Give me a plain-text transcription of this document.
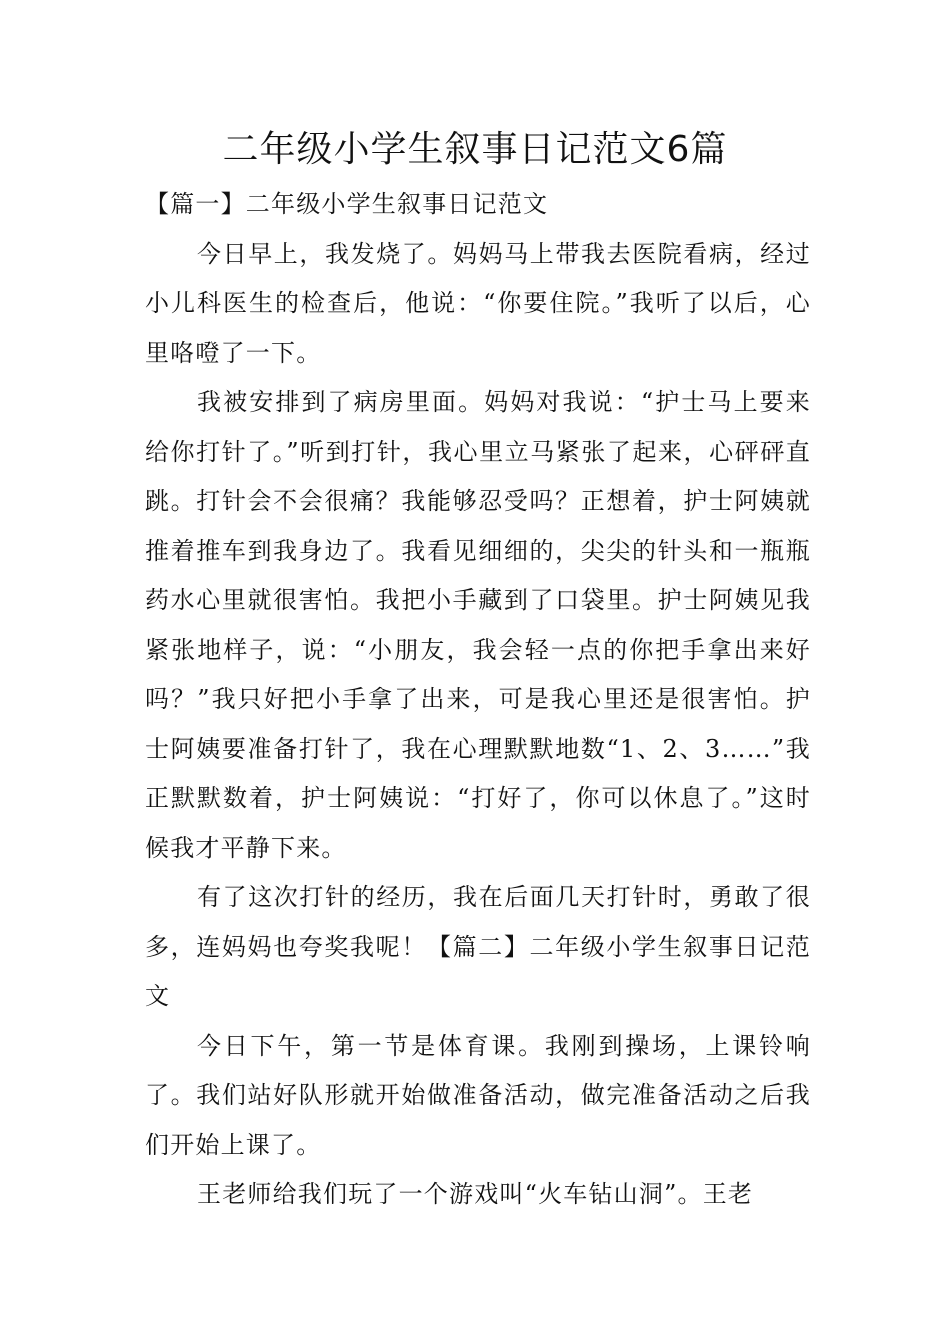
二年级小学生叙事日记范文6篇

【篇一】二年级小学生叙事日记范文

今日早上，我发烧了。妈妈马上带我去医院看病，经过小儿科医生的检查后，他说：“你要住院。”我听了以后，心里咯噔了一下。

我被安排到了病房里面。妈妈对我说：“护士马上要来给你打针了。”听到打针，我心里立马紧张了起来，心砰砰直跳。打针会不会很痛？我能够忍受吗？正想着，护士阿姨就推着推车到我身边了。我看见细细的，尖尖的针头和一瓶瓶药水心里就很害怕。我把小手藏到了口袋里。护士阿姨见我紧张地样子，说：“小朋友，我会轻一点的你把手拿出来好吗？”我只好把小手拿了出来，可是我心里还是很害怕。护士阿姨要准备打针了，我在心理默默地数“1、2、3……”我正默默数着，护士阿姨说：“打好了，你可以休息了。”这时候我才平静下来。

有了这次打针的经历，我在后面几天打针时，勇敢了很多，连妈妈也夸奖我呢！【篇二】二年级小学生叙事日记范文

今日下午，第一节是体育课。我刚到操场，上课铃响了。我们站好队形就开始做准备活动，做完准备活动之后我们开始上课了。

王老师给我们玩了一个游戏叫“火车钻山洞”。王老
